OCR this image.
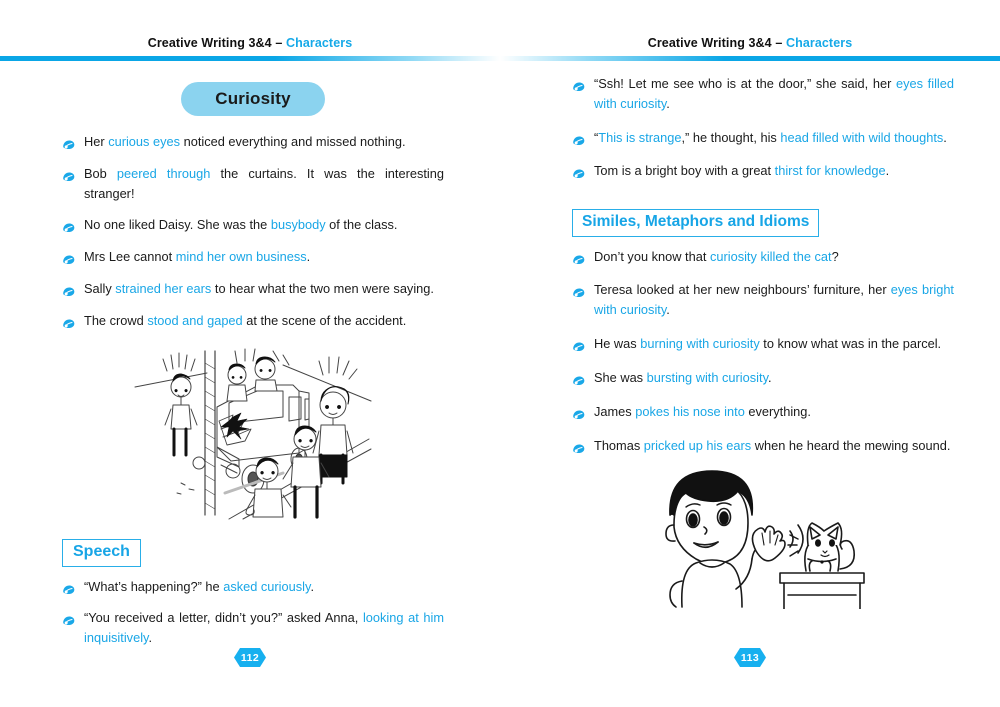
Creative Writing 3&4 – Characters
Curiosity
Her curious eyes noticed everything and missed nothing.
Bob peered through the curtains. It was the interesting stranger!
No one liked Daisy. She was the busybody of the class.
Mrs Lee cannot mind her own business.
Sally strained her ears to hear what the two men were saying.
The crowd stood and gaped at the scene of the accident.
Speech
“What’s happening?” he asked curiously.
“You received a letter, didn’t you?” asked Anna, looking at him inquisitively.
112
Creative Writing 3&4 – Characters
“Ssh! Let me see who is at the door,” she said, her eyes filled with curiosity.
“This is strange,” he thought, his head filled with wild thoughts.
Tom is a bright boy with a great thirst for knowledge.
Similes, Metaphors and Idioms
Don’t you know that curiosity killed the cat?
Teresa looked at her new neighbours’ furniture, her eyes bright with curiosity.
He was burning with curiosity to know what was in the parcel.
She was bursting with curiosity.
James pokes his nose into everything.
Thomas pricked up his ears when he heard the mewing sound.
113
